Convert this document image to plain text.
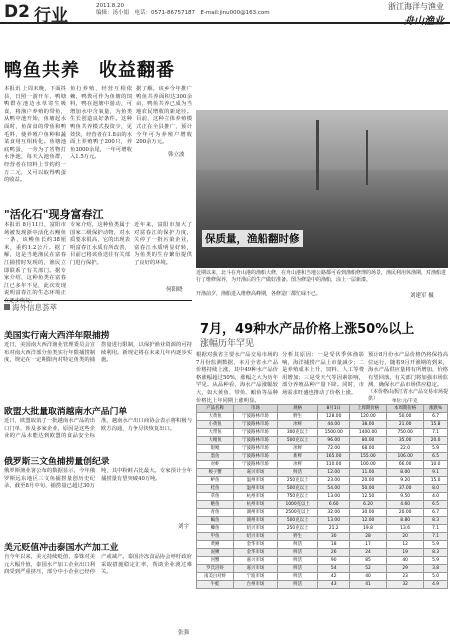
D2 行业	2011.8.20
编辑：汤小娟　电话：0571-86757187　E-mail:jinu000@163.com
浙江海洋与渔业
舟山渔业
鸭鱼共养　收益翻番
本报讯 上周末晚，下面抖县，日照一游开车，鸭塘鸭群在池边水草寄生吸食，将渔户养殖的带鱼，从鸭中池开始，鱼塘起水面时，鱼苗食的带鱼和鸭毛料，使养殖户鱼种和蔬菜食用互相转化。鱼塘池底鸭蛋，一旁为了省物打水净池，每天入池鱼群，经营者在饲料上节约约一万二元，又可以取得鸭蛋的收益。
鱼行养殖，经营互相依赖，鸭粪可作为鱼塘的饲料，鸭在池塘中游动，可增加水中含氧量，为鱼类生长创造良好条件。这种鸭鱼共养模式投资少，见效快，经营者在1.8亩的水面上养殖鸭子200只，养鱼3000余尾，一年可增收入1.5万元。
据了解，该乡今年推广鸭鱼共养面积达300余亩，鸭鱼共养已成为当地农民增收的新途径。目前，这种立体养殖模式正在全县推广，预计今年可为养殖户增收200余万元。
韩立波
保质量，渔船翻时修
近期以来，北斗在舟山港的渔船大修，在舟山港和当地公路都可看到渔船修理的场景，渔民利用休渔期，对渔船进行了维修保养，为开渔后的生产做好准备。图为修造中的渔船，涂上一层新漆。
开渔前夕，渔船进入维修高峰期，各修造厂都忙碌不已。	刘建军 摄
"活化石"现身富春江
本报讯 8月11日，富阳市场被发现浙中活化石鳗鱼一条，该鳗鱼长约38厘米，重约1.2公斤。据了解，这是当地渔民在富春江捕捞时发现的，渔民立即联系了有关部门。据专家介绍，这种鱼类在富春江已多年不见，此次发现说明富春江的生态环境正在逐步恢复。
专家介绍，这种鱼类属于国家二级保护动物，对水质要求很高，它的出现表明富春江水质有所改善，目前已将该鱼送往有关部门进行保护。
近年来，富阳市加大了对富春江的保护力度，关停了一批污染企业，富春江水质明显好转，为鱼类的生存繁衍提供了良好的环境。
何阳晓
海外信息荟萃
美国实行南大西洋年限捕捞
近日，美国南大西洋渔业管理委员会宣布对南大西洋部分鱼类实行年限捕捞制度，规定在一定期限内对特定鱼类的捕捞量进行限制，以保护渔业资源的可持续利用。新规定将在未来几年内逐步实施。
欧盟大批量取消越南水产品门单
近日，欧盟取消了一批越南水产品的出口门单，涉及多家企业，原因是这些企业的产品未能达到欧盟的食品安全标准。越南水产出口商协会表示将积极与欧方沟通，力争尽快恢复出口。
俄罗斯三文鱼捕捞量创纪录
俄罗斯渔业署公布的数据显示，今年俄罗斯远东地区三文鱼捕捞量创历史纪录，截至8月中旬，捕捞量已超过30万吨，其中粉鲑占比最大。专家预计全年捕捞量有望突破40万吨。
刘宇
美元贬值冲击泰国水产加工业
自今年以来，美元持续贬值，泰铢对美元大幅升值，泰国水产加工企业出口利润受到严重挤压，部分中小企业已经停产或减产。泰国冷冻食品协会呼吁政府采取措施稳定汇率，帮助企业渡过难关。
张强
7月，49种水产品价格上涨50%以上
涨幅历年罕见
根据对我省主要水产品交易市场的7月份监测数据，本月全省水产品价格持续上涨，其中49种水产品价格涨幅超过50%，涨幅之大为历年罕见。从品种看，海水产品涨幅较大，如大黄鱼、带鱼、鲳鱼等品种价格比上年同期上涨明显。
分析其原因：一是受伏季休渔影响，海洋捕捞产品上市量减少；二是养殖成本上升，饲料、人工等费用增加；三是受天气等因素影响，部分养殖品种产量下降。同时，市场需求旺盛也推动了价格上涨。
预计8月份水产品价格仍将保持高位运行，随着9月开渔期的到来，海水产品供应量将有所增加，价格有望回落。有关部门将加强市场监测，确保水产品市场供应稳定。
（本价格由浙江省水产品交易市场提供）	单位:元/千克
产品名称	市场	规格	8月1日	上周期价格	本周期价格	涨跌%
大黄鱼	宁波路林市场	野生	128.00	120.00	50.00	6.7
小黄鱼	宁波路林市场	冰鲜	44.00	38.00	21.00	15.8
大带鱼	宁波路林市场	300克以上	1500.00	1400.00	750.00	7.1
大鲳鱼	宁波路林市场	500克以上	96.00	80.00	35.00	20.0
银鲳	宁波路林市场	冰鲜	72.00	68.00	22.0	5.9
墨鱼	宁波路林市场	新鲜	165.00	155.00	106.00	6.5
对虾	宁波路林市场	冰鲜	110.00	100.00	66.00	10.0
梭子蟹	嘉兴市场	鲜活	12.00	11.00	8.00	9.1
鲈鱼	温州市场	250克以上	23.00	20.00	9.20	15.0
桂鱼	温州市场	500克以上	54.00	50.00	37.00	8.0
草鱼	杭州市场	750克以上	13.00	12.50	9.50	4.0
鲢鱼	杭州市场	1000克以上	6.60	6.20	4.60	6.5
青鱼	湖州市场	2500克以上	32.00	30.00	20.00	6.7
鳊鱼	湖州市场	500克以上	13.00	12.00	8.80	8.3
鲫鱼	绍兴市场	250克以上	21.2	19.8	13.6	7.1
甲鱼	绍兴市场	野生	30	28	20	7.1
黄鳝	金华市场	鲜活	18	17	12	5.9
泥鳅	金华市场	鲜活	26	24	19	8.3
河蟹	嘉兴市场	鲜活	90	85	40	5.9
罗氏沼虾	嘉兴市场	鲜活	54	52	29	3.8
南美白对虾	宁波市场	鲜活	42	40	23	5.0
牛蛙	台州市场	鲜活	43	41	32	4.9
